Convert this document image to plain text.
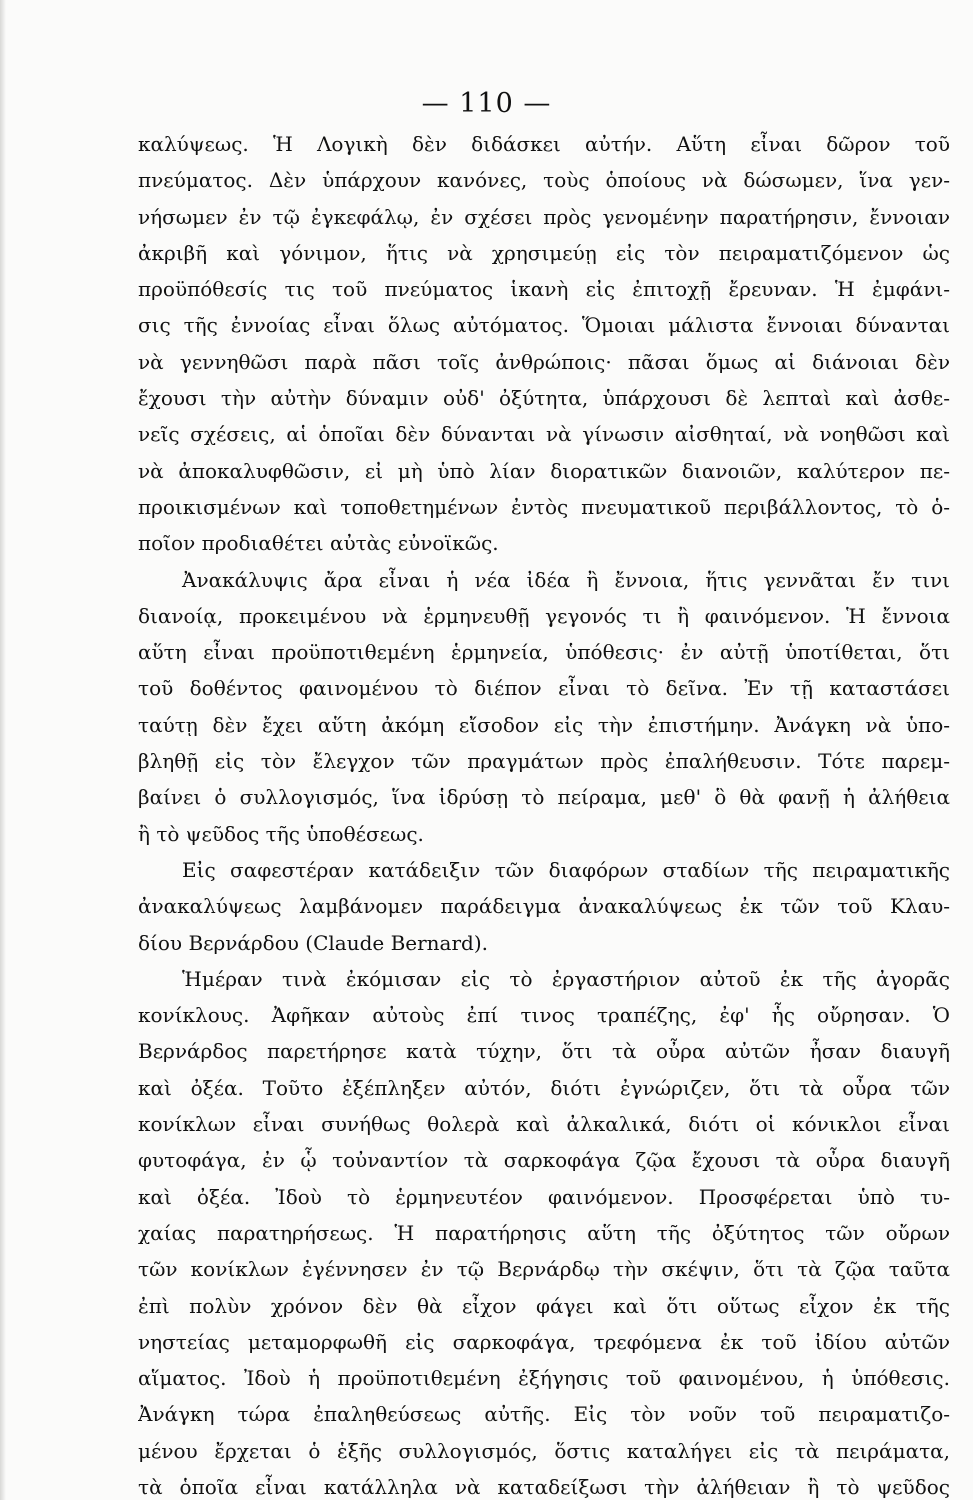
— 110 —
καλύψεως. Ἡ Λογικὴ δὲν διδάσκει αὐτήν. Αὕτη εἶναι δῶρον τοῦ
πνεύματος. Δὲν ὑπάρχουν κανόνες, τοὺς ὁποίους νὰ δώσωμεν, ἵνα γεν-
νήσωμεν ἐν τῷ ἐγκεφάλῳ, ἐν σχέσει πρὸς γενομένην παρατήρησιν, ἔννοιαν
ἀκριβῆ καὶ γόνιμον, ἥτις νὰ χρησιμεύῃ εἰς τὸν πειραματιζόμενον ὡς
προϋπόθεσίς τις τοῦ πνεύματος ἱκανὴ εἰς ἐπιτοχῇ ἔρευναν. Ἡ ἐμφάνι-
σις τῆς ἐννοίας εἶναι ὅλως αὐτόματος. Ὅμοιαι μάλιστα ἔννοιαι δύνανται
νὰ γεννηθῶσι παρὰ πᾶσι τοῖς ἀνθρώποις· πᾶσαι ὅμως αἱ διάνοιαι δὲν
ἔχουσι τὴν αὐτὴν δύναμιν οὐδ' ὀξύτητα, ὑπάρχουσι δὲ λεπταὶ καὶ ἀσθε-
νεῖς σχέσεις, αἱ ὁποῖαι δὲν δύνανται νὰ γίνωσιν αἰσθηταί, νὰ νοηθῶσι καὶ
νὰ ἀποκαλυφθῶσιν, εἰ μὴ ὑπὸ λίαν διορατικῶν διανοιῶν, καλύτερον πε-
προικισμένων καὶ τοποθετημένων ἐντὸς πνευματικοῦ περιβάλλοντος, τὸ ὁ-
ποῖον προδιαθέτει αὐτὰς εὐνοϊκῶς.
Ἀνακάλυψις ἄρα εἶναι ἡ νέα ἰδέα ἢ ἔννοια, ἥτις γεννᾶται ἔν τινι
διανοίᾳ, προκειμένου νὰ ἑρμηνευθῇ γεγονός τι ἢ φαινόμενον. Ἡ ἔννοια
αὕτη εἶναι προϋποτιθεμένη ἑρμηνεία, ὑπόθεσις· ἐν αὐτῇ ὑποτίθεται, ὅτι
τοῦ δοθέντος φαινομένου τὸ διέπον εἶναι τὸ δεῖνα. Ἐν τῇ καταστάσει
ταύτῃ δὲν ἔχει αὕτη ἀκόμη εἴσοδον εἰς τὴν ἐπιστήμην. Ἀνάγκη νὰ ὑπο-
βληθῇ εἰς τὸν ἔλεγχον τῶν πραγμάτων πρὸς ἐπαλήθευσιν. Τότε παρεμ-
βαίνει ὁ συλλογισμός, ἵνα ἱδρύσῃ τὸ πείραμα, μεθ' ὃ θὰ φανῇ ἡ ἀλήθεια
ἢ τὸ ψεῦδος τῆς ὑποθέσεως.
Εἰς σαφεστέραν κατάδειξιν τῶν διαφόρων σταδίων τῆς πειραματικῆς
ἀνακαλύψεως λαμβάνομεν παράδειγμα ἀνακαλύψεως ἐκ τῶν τοῦ Κλαυ-
δίου Βερνάρδου (Claude Bernard).
Ἡμέραν τινὰ ἐκόμισαν εἰς τὸ ἐργαστήριον αὐτοῦ ἐκ τῆς ἀγορᾶς
κονίκλους. Ἀφῆκαν αὐτοὺς ἐπί τινος τραπέζης, ἐφ' ἧς οὔρησαν. Ὁ
Βερνάρδος παρετήρησε κατὰ τύχην, ὅτι τὰ οὖρα αὐτῶν ἦσαν διαυγῆ
καὶ ὀξέα. Τοῦτο ἐξέπληξεν αὐτόν, διότι ἐγνώριζεν, ὅτι τὰ οὖρα τῶν
κονίκλων εἶναι συνήθως θολερὰ καὶ ἀλκαλικά, διότι οἱ κόνικλοι εἶναι
φυτοφάγα, ἐν ᾧ τοὐναντίον τὰ σαρκοφάγα ζῷα ἔχουσι τὰ οὖρα διαυγῆ
καὶ ὀξέα. Ἰδοὺ τὸ ἑρμηνευτέον φαινόμενον. Προσφέρεται ὑπὸ τυ-
χαίας παρατηρήσεως. Ἡ παρατήρησις αὕτη τῆς ὀξύτητος τῶν οὔρων
τῶν κονίκλων ἐγέννησεν ἐν τῷ Βερνάρδῳ τὴν σκέψιν, ὅτι τὰ ζῷα ταῦτα
ἐπὶ πολὺν χρόνον δὲν θὰ εἶχον φάγει καὶ ὅτι οὕτως εἶχον ἐκ τῆς
νηστείας μεταμορφωθῆ εἰς σαρκοφάγα, τρεφόμενα ἐκ τοῦ ἰδίου αὐτῶν
αἵματος. Ἰδοὺ ἡ προϋποτιθεμένη ἐξήγησις τοῦ φαινομένου, ἡ ὑπόθεσις.
Ἀνάγκη τώρα ἐπαληθεύσεως αὐτῆς. Εἰς τὸν νοῦν τοῦ πειραματιζο-
μένου ἔρχεται ὁ ἑξῆς συλλογισμός, ὅστις καταλήγει εἰς τὰ πειράματα,
τὰ ὁποῖα εἶναι κατάλληλα νὰ καταδείξωσι τὴν ἀλήθειαν ἢ τὸ ψεῦδος
